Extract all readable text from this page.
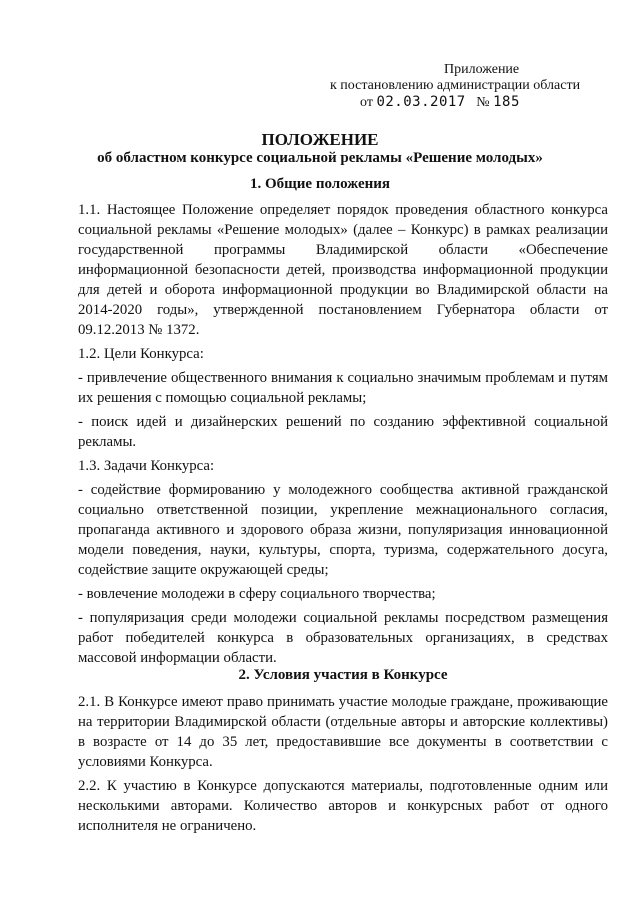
Приложение
к постановлению администрации области
от 02.03.2017 № 185
ПОЛОЖЕНИЕ
об областном конкурсе социальной рекламы «Решение молодых»
1. Общие положения

1.1. Настоящее Положение определяет порядок проведения областного конкурса социальной рекламы «Решение молодых» (далее – Конкурс) в рамках реализации государственной программы Владимирской области «Обеспечение информационной безопасности детей, производства информационной продукции для детей и оборота информационной продукции во Владимирской области на 2014-2020 годы», утвержденной постановлением Губернатора области от 09.12.2013 № 1372.

1.2. Цели Конкурса:

- привлечение общественного внимания к социально значимым проблемам и путям их решения с помощью социальной рекламы;

- поиск идей и дизайнерских решений по созданию эффективной социальной рекламы.

1.3. Задачи Конкурса:

- содействие формированию у молодежного сообщества активной гражданской социально ответственной позиции, укрепление межнационального согласия, пропаганда активного и здорового образа жизни, популяризация инновационной модели поведения, науки, культуры, спорта, туризма, содержательного досуга, содействие защите окружающей среды;

- вовлечение молодежи в сферу социального творчества;

- популяризация среди молодежи социальной рекламы посредством размещения работ победителей конкурса в образовательных организациях, в средствах массовой информации области.

2. Условия участия в Конкурсе

2.1. В Конкурсе имеют право принимать участие молодые граждане, проживающие на территории Владимирской области (отдельные авторы и авторские коллективы) в возрасте от 14 до 35 лет, предоставившие все документы в соответствии с условиями Конкурса.

2.2. К участию в Конкурсе допускаются материалы, подготовленные одним или несколькими авторами. Количество авторов и конкурсных работ от одного исполнителя не ограничено.
